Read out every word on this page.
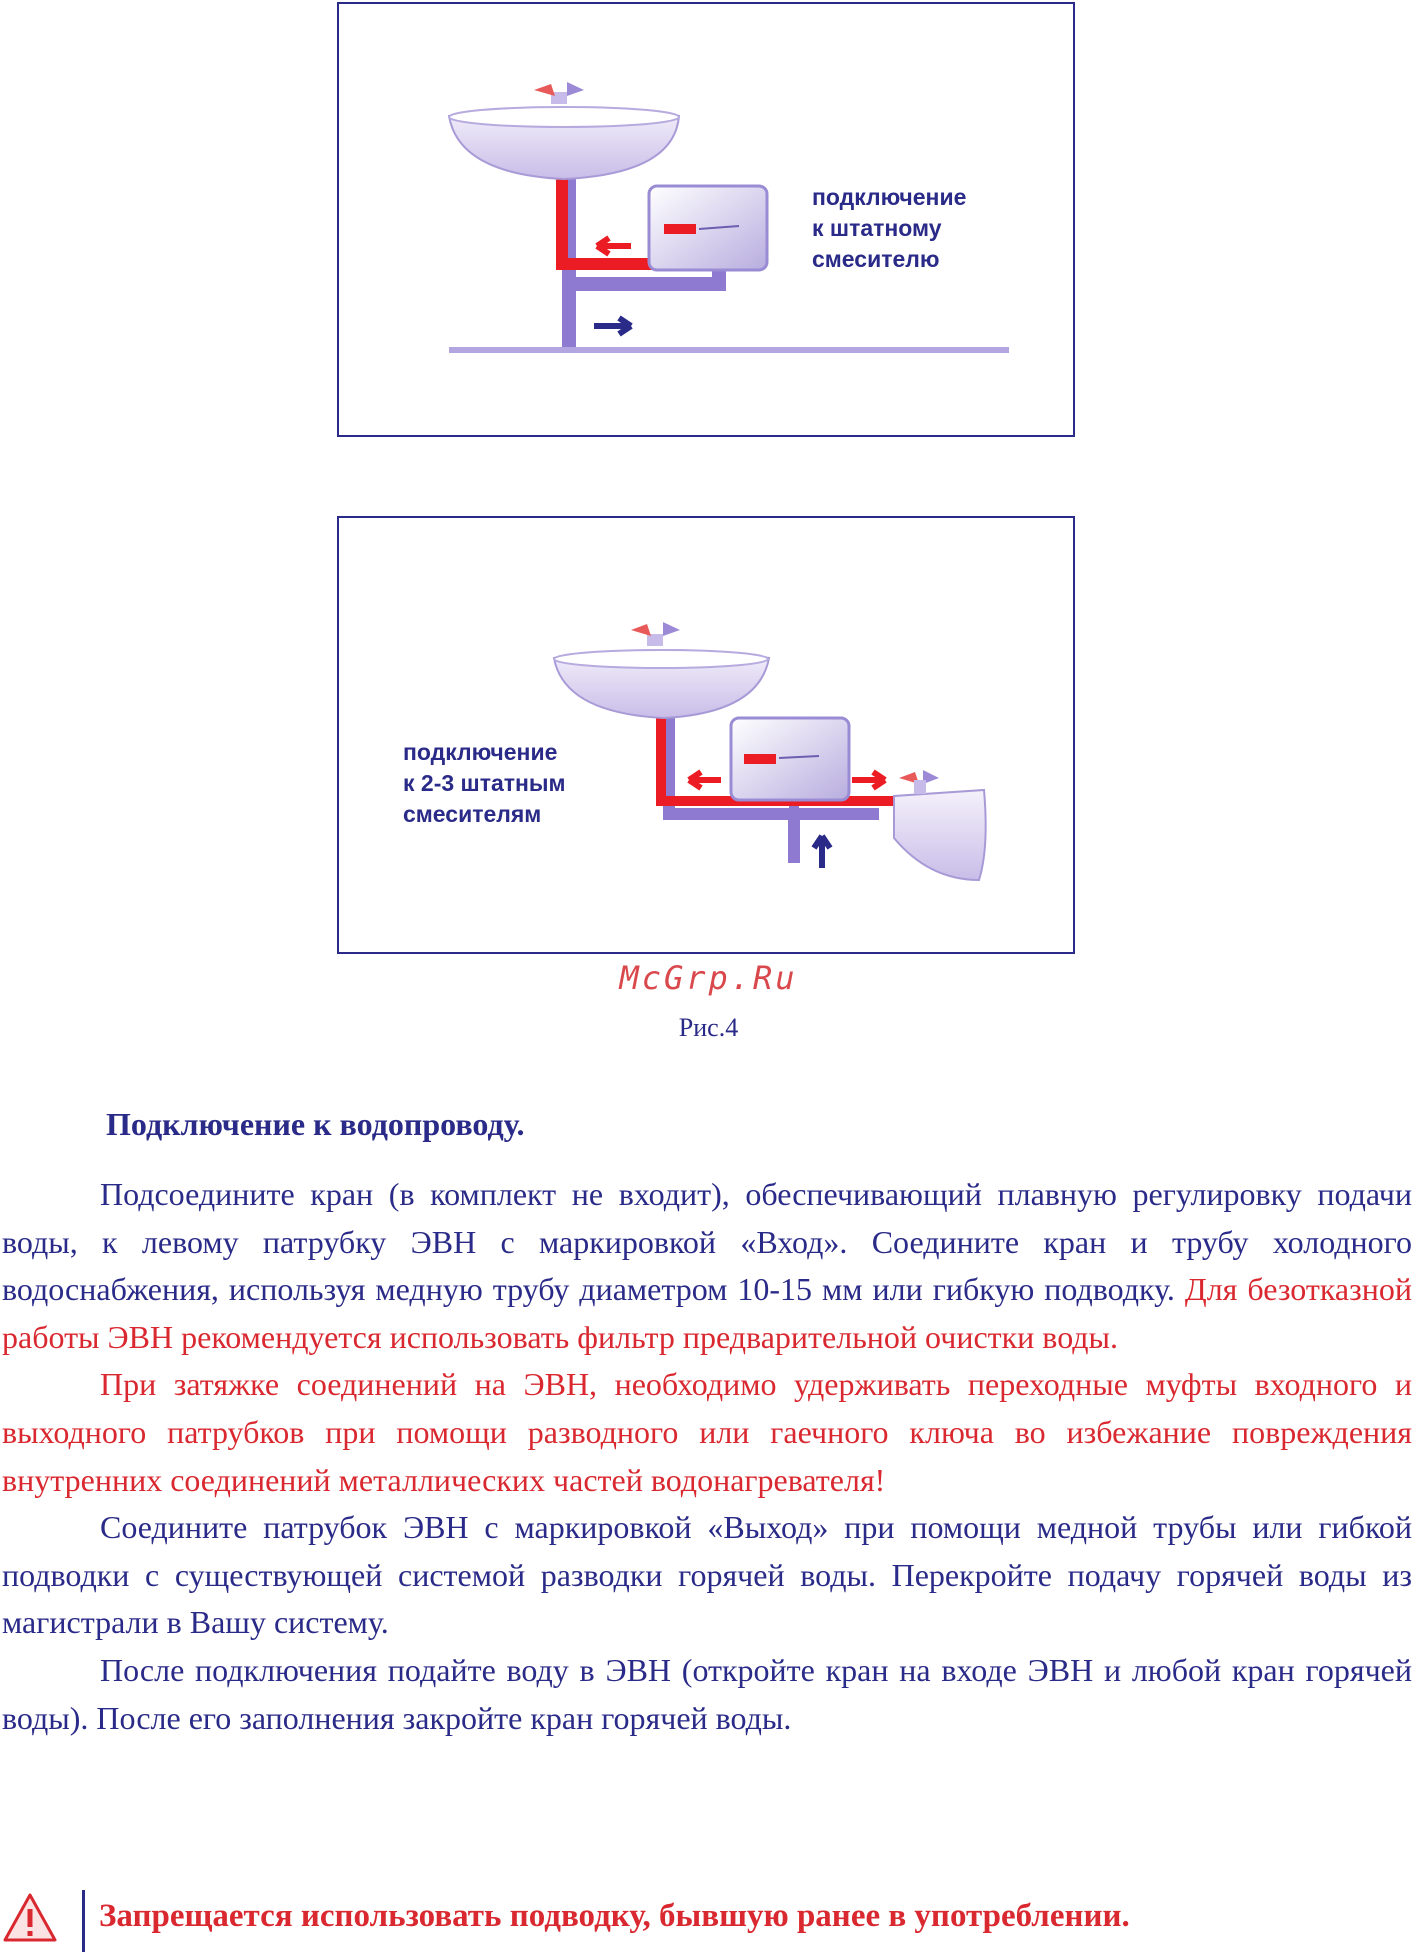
подключение
к штатному
смесителю
подключение
к 2-3 штатным
смесителям
McGrp.Ru
Рис.4
Подключение к водопроводу.

Подсоедините кран (в комплект не входит), обеспечивающий плавную регулировку подачи воды, к левому патрубку ЭВН с маркировкой «Вход». Соедините кран и трубу холодного водоснабжения, используя медную трубу диаметром 10-15 мм или гибкую подводку. Для безотказной работы ЭВН рекомендуется использовать фильтр предварительной очистки воды.

При затяжке соединений на ЭВН, необходимо удерживать переходные муфты входного и выходного патрубков при помощи разводного или гаечного ключа во избежание повреждения внутренних соединений металлических частей водонагревателя!

Соедините патрубок ЭВН с маркировкой «Выход» при помощи медной трубы или гибкой подводки с существующей системой разводки горячей воды. Перекройте подачу горячей воды из магистрали в Вашу систему.

После подключения подайте воду в ЭВН (откройте кран на входе ЭВН и любой кран горячей воды). После его заполнения закройте кран горячей воды.

Запрещается использовать подводку, бывшую ранее в употреблении.
